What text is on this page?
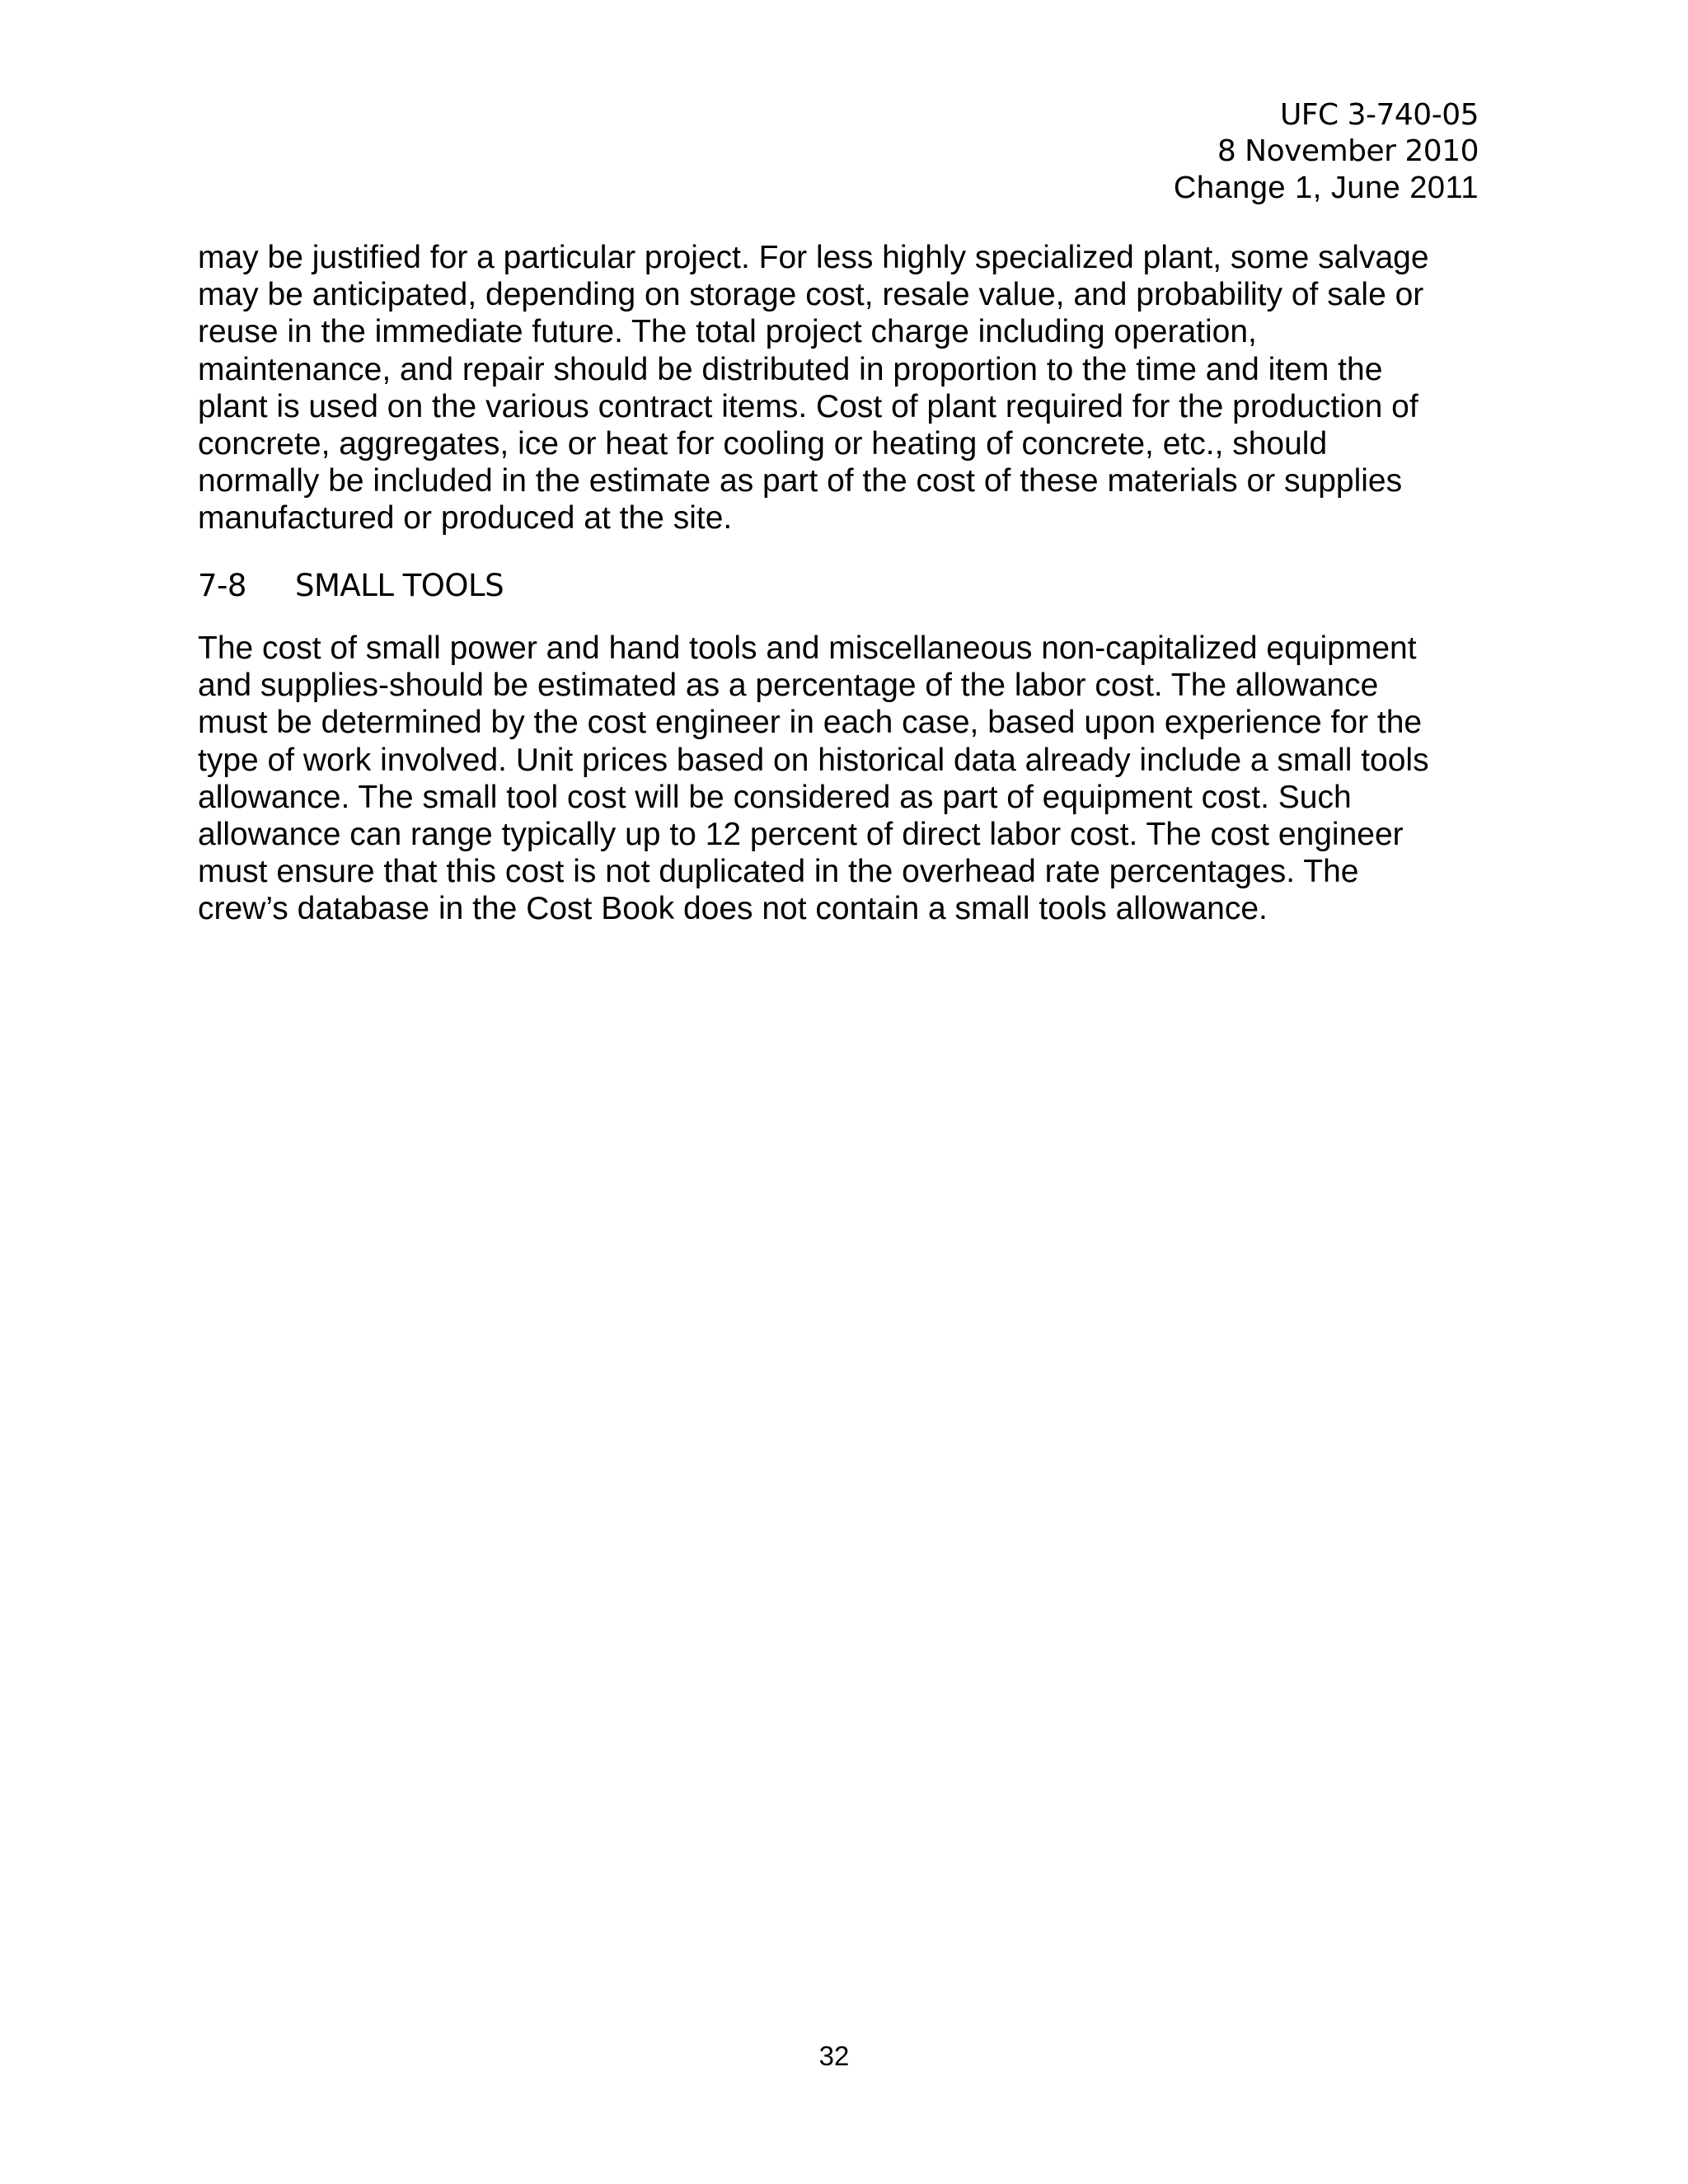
UFC 3-740-05
8 November 2010
Change 1, June 2011
may be justified for a particular project. For less highly specialized plant, some salvage
may be anticipated, depending on storage cost, resale value, and probability of sale or
reuse in the immediate future. The total project charge including operation,
maintenance, and repair should be distributed in proportion to the time and item the
plant is used on the various contract items. Cost of plant required for the production of
concrete, aggregates, ice or heat for cooling or heating of concrete, etc., should
normally be included in the estimate as part of the cost of these materials or supplies
manufactured or produced at the site.
7-8 SMALL TOOLS
The cost of small power and hand tools and miscellaneous non-capitalized equipment
and supplies-should be estimated as a percentage of the labor cost. The allowance
must be determined by the cost engineer in each case, based upon experience for the
type of work involved. Unit prices based on historical data already include a small tools
allowance. The small tool cost will be considered as part of equipment cost. Such
allowance can range typically up to 12 percent of direct labor cost. The cost engineer
must ensure that this cost is not duplicated in the overhead rate percentages. The
crew’s database in the Cost Book does not contain a small tools allowance.
32
